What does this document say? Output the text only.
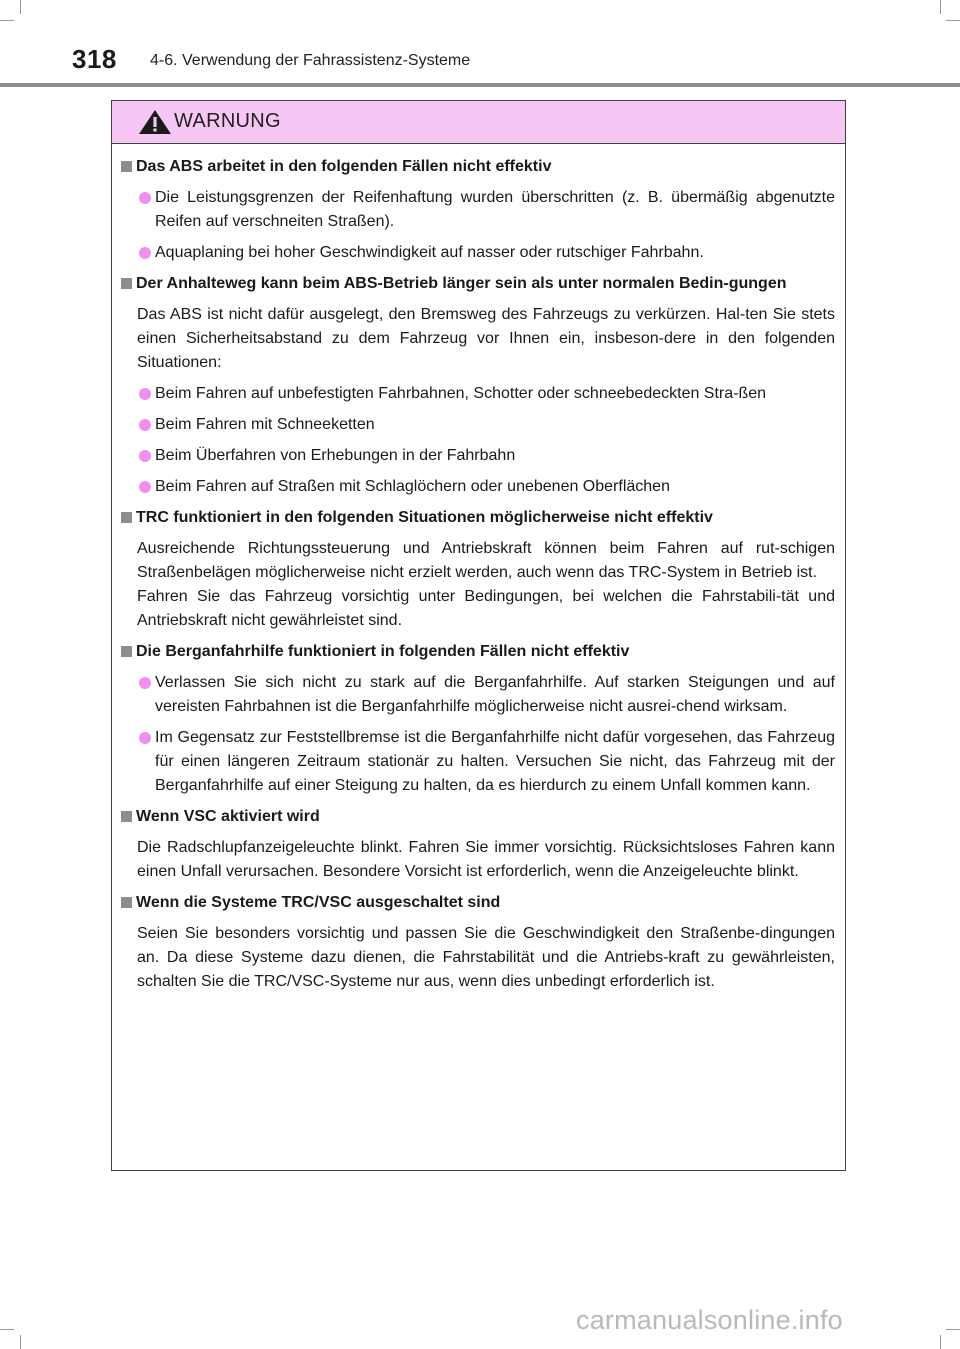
318 4-6. Verwendung der Fahrassistenz-Systeme
WARNUNG
Das ABS arbeitet in den folgenden Fällen nicht effektiv
Die Leistungsgrenzen der Reifenhaftung wurden überschritten (z. B. übermäßig abgenutzte Reifen auf verschneiten Straßen).
Aquaplaning bei hoher Geschwindigkeit auf nasser oder rutschiger Fahrbahn.
Der Anhalteweg kann beim ABS-Betrieb länger sein als unter normalen Bedin-gungen
Das ABS ist nicht dafür ausgelegt, den Bremsweg des Fahrzeugs zu verkürzen. Hal-ten Sie stets einen Sicherheitsabstand zu dem Fahrzeug vor Ihnen ein, insbeson-dere in den folgenden Situationen:
Beim Fahren auf unbefestigten Fahrbahnen, Schotter oder schneebedeckten Stra-ßen
Beim Fahren mit Schneeketten
Beim Überfahren von Erhebungen in der Fahrbahn
Beim Fahren auf Straßen mit Schlaglöchern oder unebenen Oberflächen
TRC funktioniert in den folgenden Situationen möglicherweise nicht effektiv
Ausreichende Richtungssteuerung und Antriebskraft können beim Fahren auf rut-schigen Straßenbelägen möglicherweise nicht erzielt werden, auch wenn das TRC-System in Betrieb ist.
Fahren Sie das Fahrzeug vorsichtig unter Bedingungen, bei welchen die Fahrstabili-tät und Antriebskraft nicht gewährleistet sind.
Die Berganfahrhilfe funktioniert in folgenden Fällen nicht effektiv
Verlassen Sie sich nicht zu stark auf die Berganfahrhilfe. Auf starken Steigungen und auf vereisten Fahrbahnen ist die Berganfahrhilfe möglicherweise nicht ausrei-chend wirksam.
Im Gegensatz zur Feststellbremse ist die Berganfahrhilfe nicht dafür vorgesehen, das Fahrzeug für einen längeren Zeitraum stationär zu halten. Versuchen Sie nicht, das Fahrzeug mit der Berganfahrhilfe auf einer Steigung zu halten, da es hierdurch zu einem Unfall kommen kann.
Wenn VSC aktiviert wird
Die Radschlupfanzeigeleuchte blinkt. Fahren Sie immer vorsichtig. Rücksichtsloses Fahren kann einen Unfall verursachen. Besondere Vorsicht ist erforderlich, wenn die Anzeigeleuchte blinkt.
Wenn die Systeme TRC/VSC ausgeschaltet sind
Seien Sie besonders vorsichtig und passen Sie die Geschwindigkeit den Straßenbe-dingungen an. Da diese Systeme dazu dienen, die Fahrstabilität und die Antriebs-kraft zu gewährleisten, schalten Sie die TRC/VSC-Systeme nur aus, wenn dies unbedingt erforderlich ist.
carmanualsonline.info
